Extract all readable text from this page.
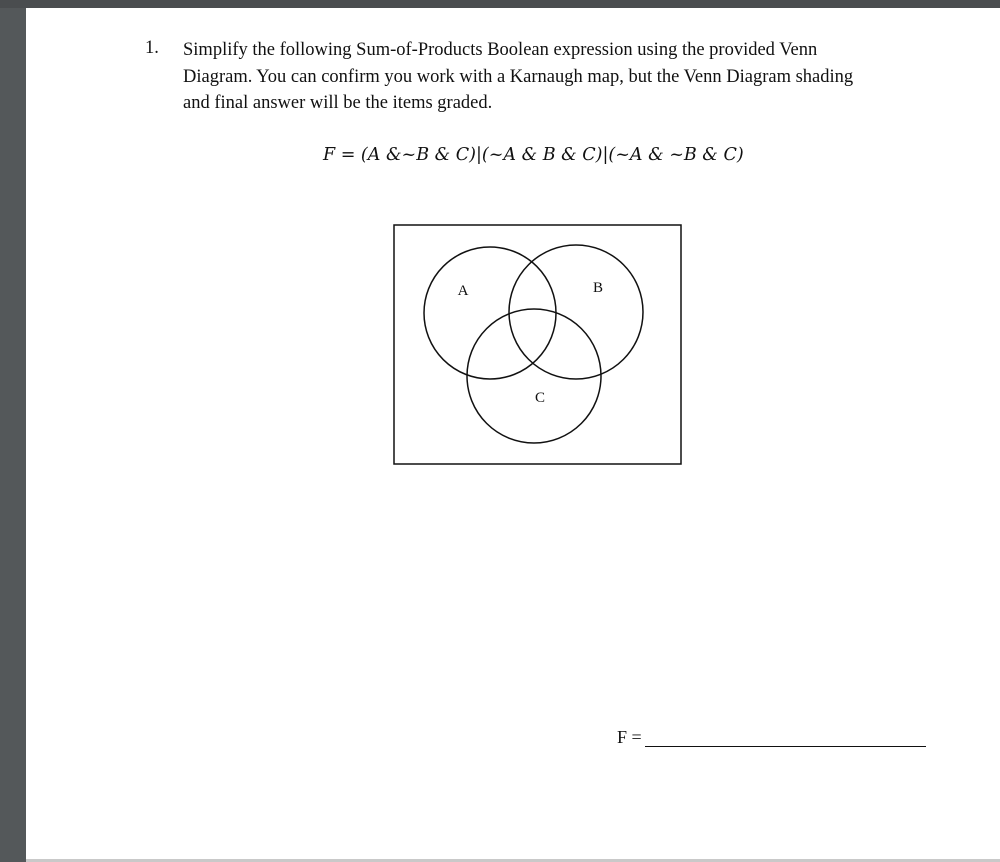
1. Simplify the following Sum-of-Products Boolean expression using the provided Venn
Diagram. You can confirm you work with a Karnaugh map, but the Venn Diagram shading
and final answer will be the items graded.
F = (A &~B & C)|(~A & B & C)|(~A & ~B & C)
A	B
C
F =
